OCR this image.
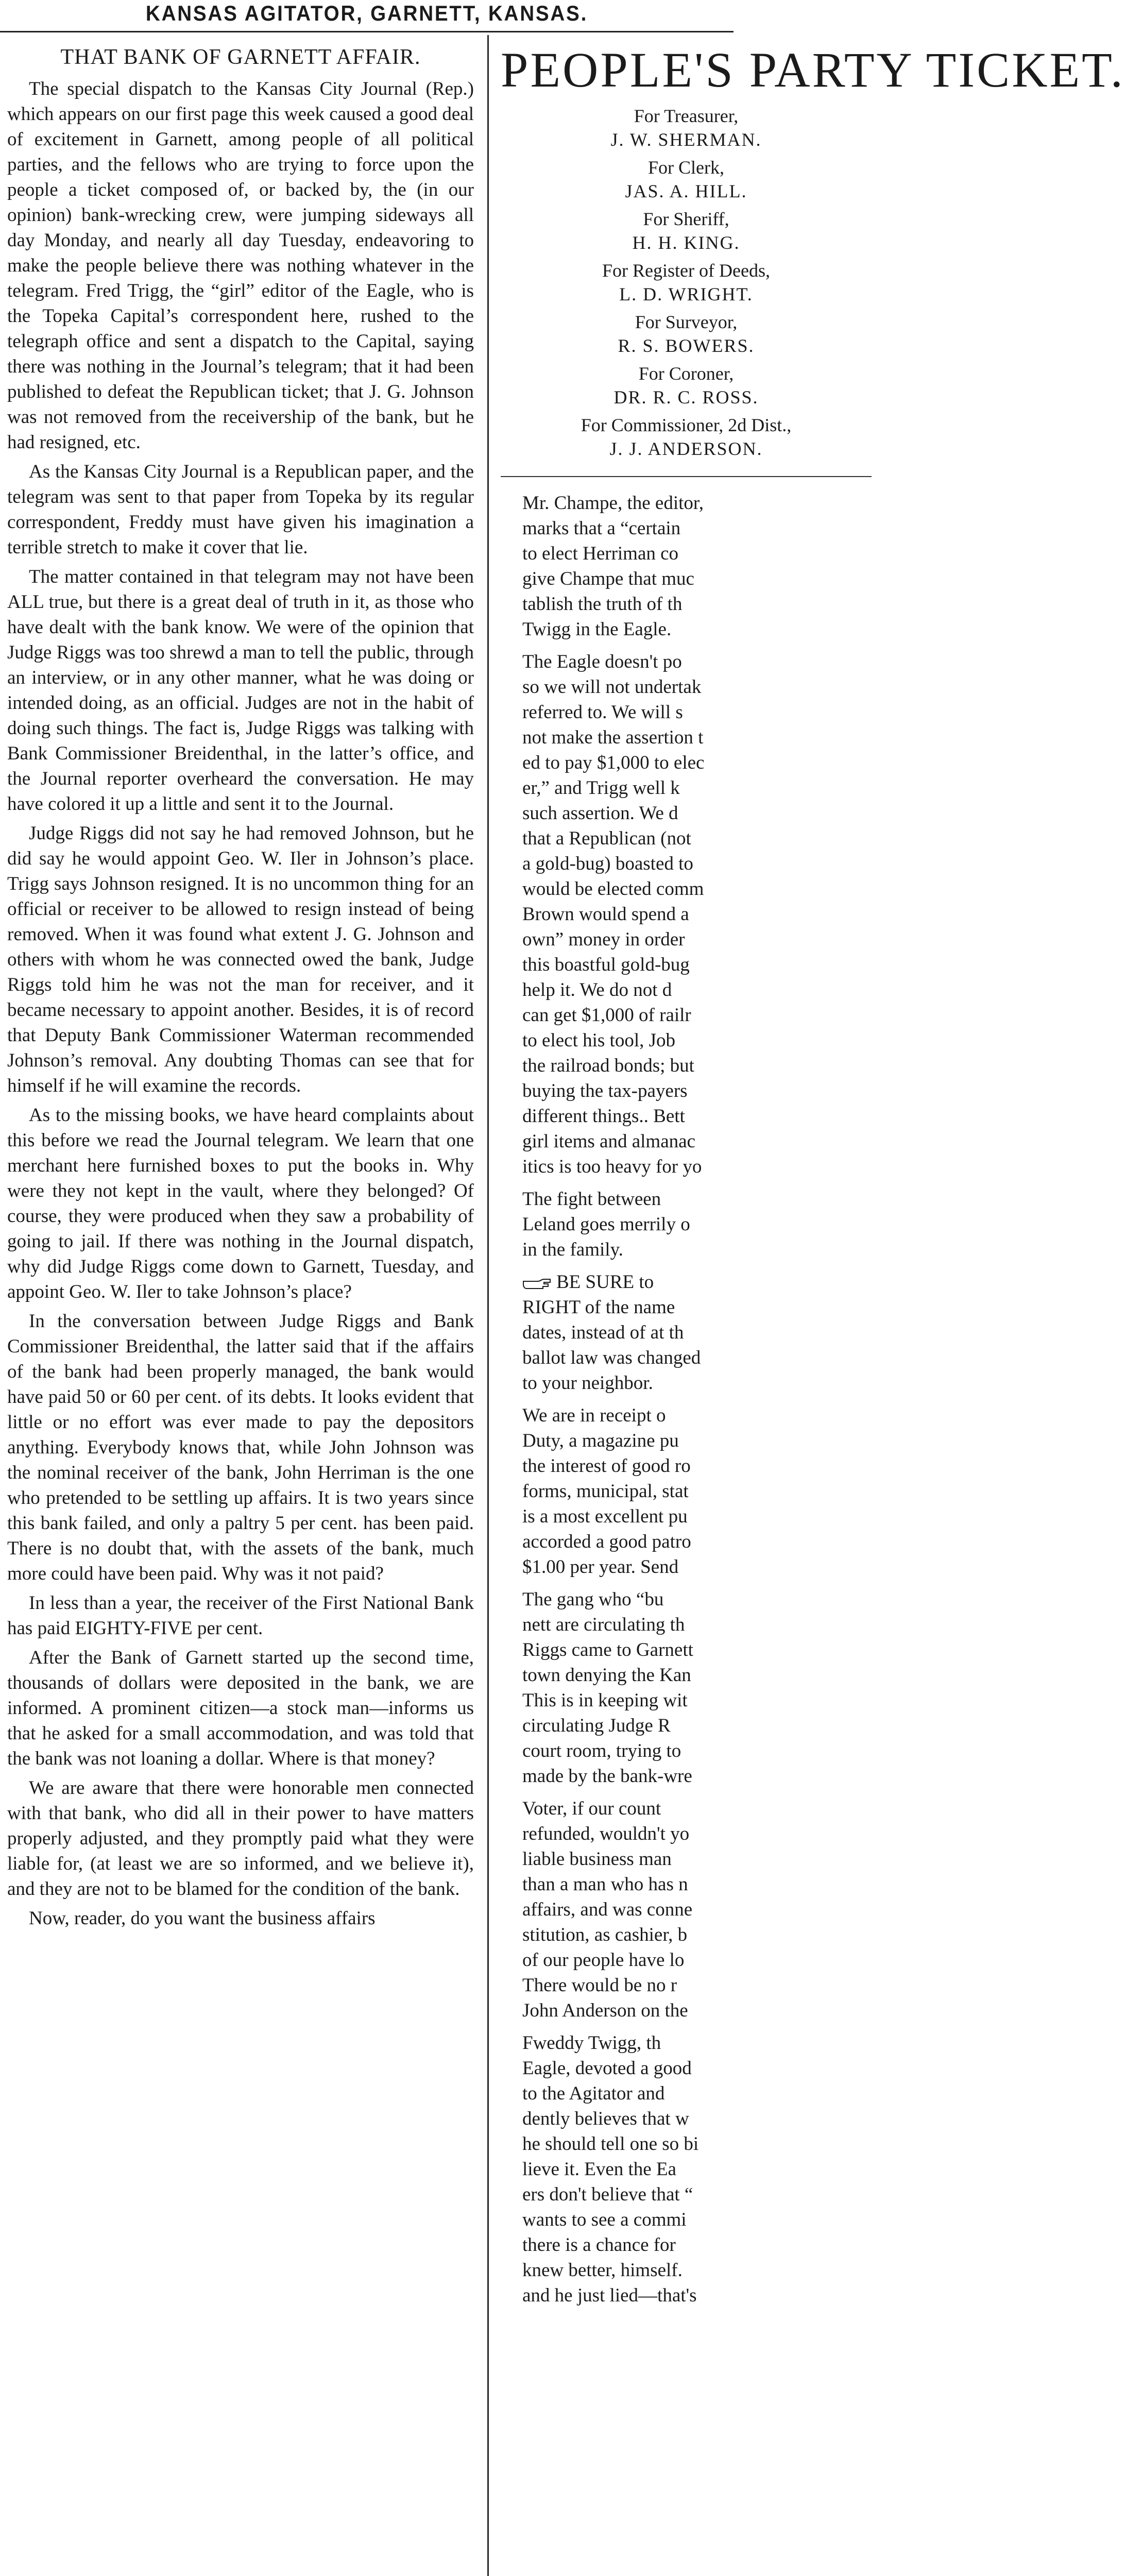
KANSAS AGITATOR, GARNETT, KANSAS.
THAT BANK OF GARNETT AFFAIR.

The special dispatch to the Kansas City Journal (Rep.) which appears on our first page this week caused a good deal of excitement in Garnett, among people of all political parties, and the fellows who are trying to force upon the people a ticket composed of, or backed by, the (in our opinion) bank-wrecking crew, were jumping sideways all day Monday, and nearly all day Tuesday, endeavoring to make the people believe there was nothing whatever in the telegram. Fred Trigg, the “girl” editor of the Eagle, who is the Topeka Capital’s correspondent here, rushed to the telegraph office and sent a dispatch to the Capital, saying there was nothing in the Journal’s telegram; that it had been published to defeat the Republican ticket; that J. G. Johnson was not removed from the receivership of the bank, but he had resigned, etc.

As the Kansas City Journal is a Republican paper, and the telegram was sent to that paper from Topeka by its regular correspondent, Freddy must have given his imagination a terrible stretch to make it cover that lie.

The matter contained in that telegram may not have been ALL true, but there is a great deal of truth in it, as those who have dealt with the bank know. We were of the opinion that Judge Riggs was too shrewd a man to tell the public, through an interview, or in any other manner, what he was doing or intended doing, as an official. Judges are not in the habit of doing such things. The fact is, Judge Riggs was talking with Bank Commissioner Breidenthal, in the latter’s office, and the Journal reporter overheard the conversation. He may have colored it up a little and sent it to the Journal.

Judge Riggs did not say he had removed Johnson, but he did say he would appoint Geo. W. Iler in Johnson’s place. Trigg says Johnson resigned. It is no uncommon thing for an official or receiver to be allowed to resign instead of being removed. When it was found what extent J. G. Johnson and others with whom he was connected owed the bank, Judge Riggs told him he was not the man for receiver, and it became necessary to appoint another. Besides, it is of record that Deputy Bank Commissioner Waterman recommended Johnson’s removal. Any doubting Thomas can see that for himself if he will examine the records.

As to the missing books, we have heard complaints about this before we read the Journal telegram. We learn that one merchant here furnished boxes to put the books in. Why were they not kept in the vault, where they belonged? Of course, they were produced when they saw a probability of going to jail. If there was nothing in the Journal dispatch, why did Judge Riggs come down to Garnett, Tuesday, and appoint Geo. W. Iler to take Johnson’s place?

In the conversation between Judge Riggs and Bank Commissioner Breidenthal, the latter said that if the affairs of the bank had been properly managed, the bank would have paid 50 or 60 per cent. of its debts. It looks evident that little or no effort was ever made to pay the depositors anything. Everybody knows that, while John Johnson was the nominal receiver of the bank, John Herriman is the one who pretended to be settling up affairs. It is two years since this bank failed, and only a paltry 5 per cent. has been paid. There is no doubt that, with the assets of the bank, much more could have been paid. Why was it not paid?

In less than a year, the receiver of the First National Bank has paid EIGHTY-FIVE per cent.

After the Bank of Garnett started up the second time, thousands of dollars were deposited in the bank, we are informed. A prominent citizen—a stock man—informs us that he asked for a small accommodation, and was told that the bank was not loaning a dollar. Where is that money?

We are aware that there were honorable men connected with that bank, who did all in their power to have matters properly adjusted, and they promptly paid what they were liable for, (at least we are so informed, and we believe it), and they are not to be blamed for the condition of the bank.

Now, reader, do you want the business affairs

PEOPLE'S PARTY TICKET.
For Treasurer,
J. W. SHERMAN.
For Clerk,
JAS. A. HILL.
For Sheriff,
H. H. KING.
For Register of Deeds,
L. D. WRIGHT.
For Surveyor,
R. S. BOWERS.
For Coroner,
DR. R. C. ROSS.
For Commissioner, 2d Dist.,
J. J. ANDERSON.

Mr. Champe, the editor,
marks that a “certain
to elect Herriman co
give Champe that muc
tablish the truth of th
Twigg in the Eagle.

The Eagle doesn't po
so we will not undertak
referred to. We will s
not make the assertion t
ed to pay $1,000 to elec
er,” and Trigg well k
such assertion. We d
that a Republican (not
a gold-bug) boasted to
would be elected comm
Brown would spend a
own” money in order
this boastful gold-bug
help it. We do not d
can get $1,000 of railr
to elect his tool, Job
the railroad bonds; but
buying the tax-payers
different things.. Bett
girl items and almanac
itics is too heavy for yo

The fight between
Leland goes merrily o
in the family.

BE SURE to
RIGHT of the name
dates, instead of at th
ballot law was changed
to your neighbor.

We are in receipt o
Duty, a magazine pu
the interest of good ro
forms, municipal, stat
is a most excellent pu
accorded a good patro
$1.00 per year. Send

The gang who “bu
nett are circulating th
Riggs came to Garnett
town denying the Kan
This is in keeping wit
circulating Judge R
court room, trying to
made by the bank-wre

Voter, if our count
refunded, wouldn't yo
liable business man
than a man who has n
affairs, and was conne
stitution, as cashier, b
of our people have lo
There would be no r
John Anderson on the

Fweddy Twigg, th
Eagle, devoted a good
to the Agitator and
dently believes that w
he should tell one so bi
lieve it. Even the Ea
ers don't believe that “
wants to see a commi
there is a chance for
knew better, himself.
and he just lied—that's
